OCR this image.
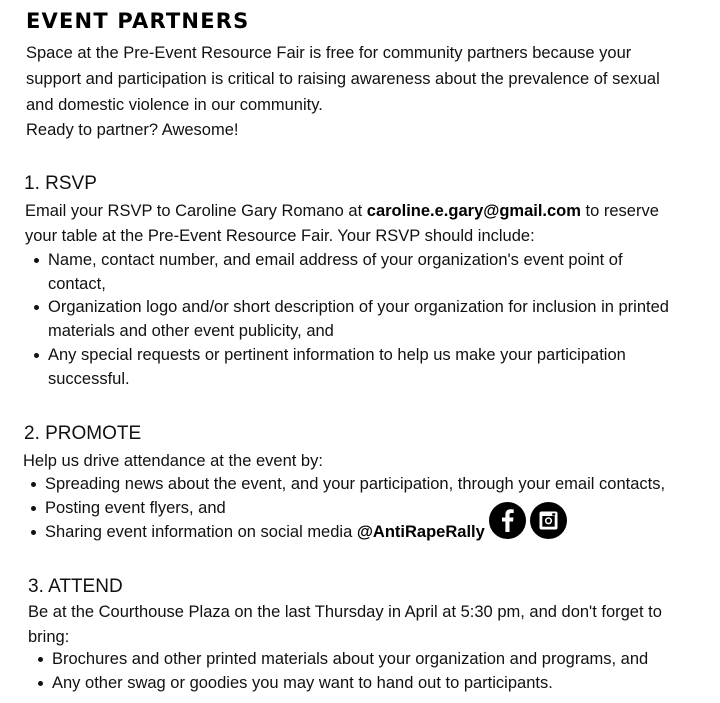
EVENT PARTNERS
Space at the Pre-Event Resource Fair is free for community partners because your
support and participation is critical to raising awareness about the prevalence of sexual
and domestic violence in our community.
Ready to partner? Awesome!
1. RSVP
Email your RSVP to Caroline Gary Romano at caroline.e.gary@gmail.com to reserve
your table at the Pre-Event Resource Fair. Your RSVP should include:
Name, contact number, and email address of your organization's event point of
contact,
Organization logo and/or short description of your organization for inclusion in printed
materials and other event publicity, and
Any special requests or pertinent information to help us make your participation
successful.
2. PROMOTE
Help us drive attendance at the event by:
Spreading news about the event, and your participation, through your email contacts,
Posting event flyers, and
Sharing event information on social media @AntiRapeRally
3. ATTEND
Be at the Courthouse Plaza on the last Thursday in April at 5:30 pm, and don't forget to
bring:
Brochures and other printed materials about your organization and programs, and
Any other swag or goodies you may want to hand out to participants.
